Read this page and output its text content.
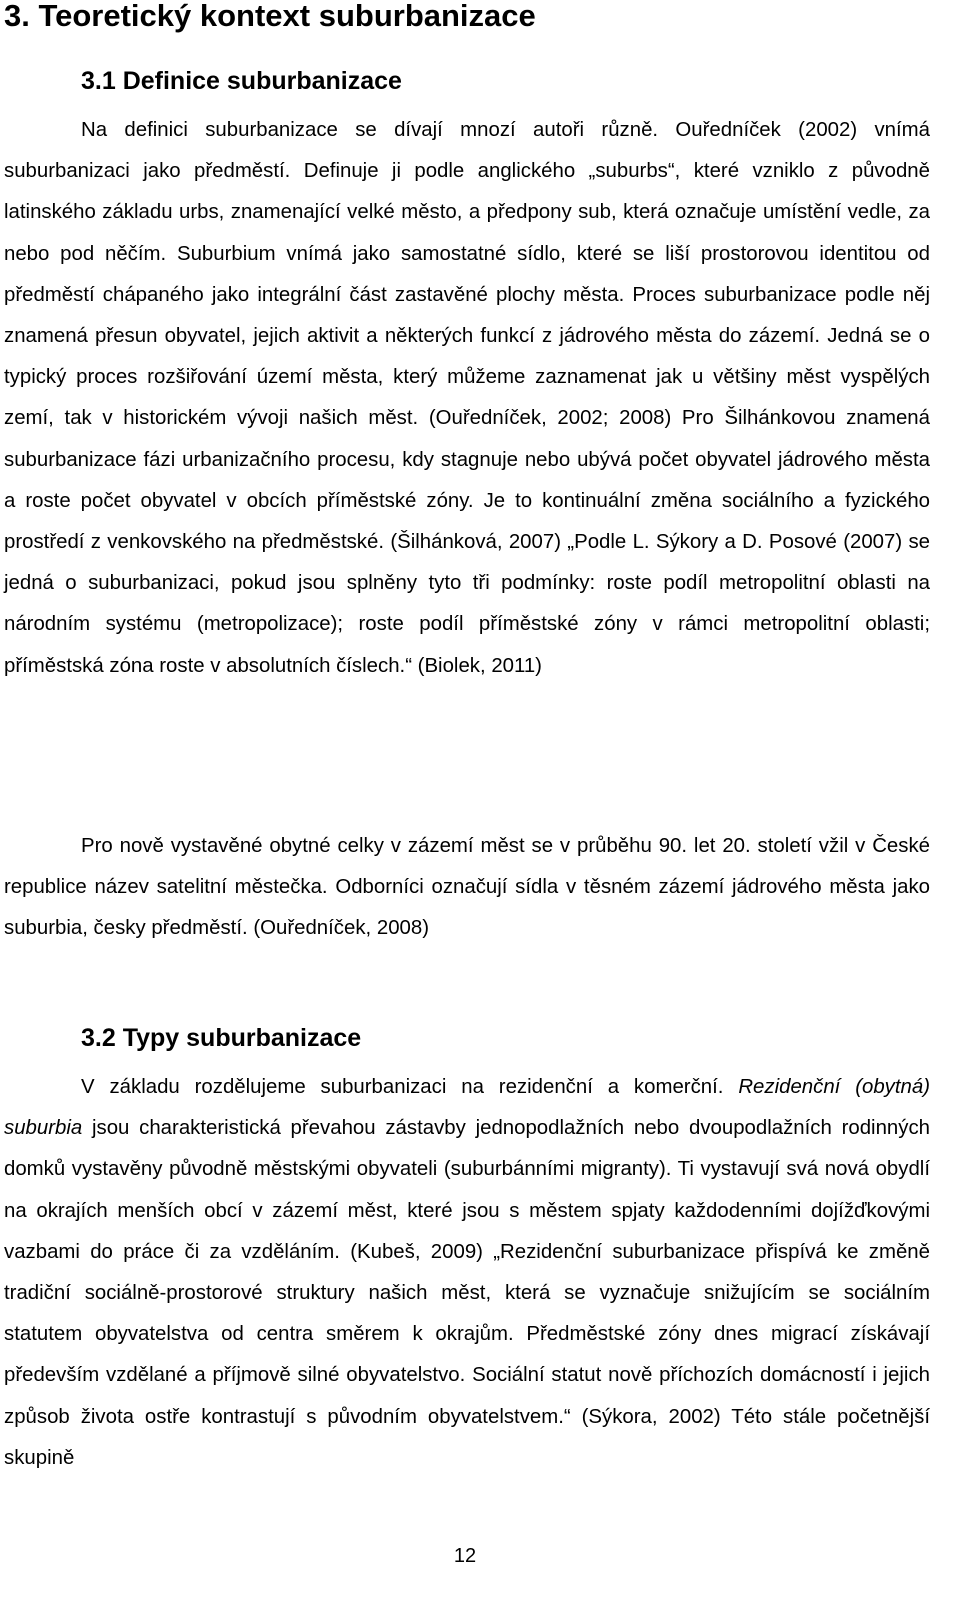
3. Teoretický kontext suburbanizace
3.1 Definice suburbanizace

Na definici suburbanizace se dívají mnozí autoři různě. Ouředníček (2002) vnímá suburbanizaci jako předměstí. Definuje ji podle anglického „suburbs“, které vzniklo z původně latinského základu urbs, znamenající velké město, a předpony sub, která označuje umístění vedle, za nebo pod něčím. Suburbium vnímá jako samostatné sídlo, které se liší prostorovou identitou od předměstí chápaného jako integrální část zastavěné plochy města. Proces suburbanizace podle něj znamená přesun obyvatel, jejich aktivit a některých funkcí z jádrového města do zázemí. Jedná se o typický proces rozšiřování území města, který můžeme zaznamenat jak u většiny měst vyspělých zemí, tak v historickém vývoji našich měst. (Ouředníček, 2002; 2008) Pro Šilhánkovou znamená suburbanizace fázi urbanizačního procesu, kdy stagnuje nebo ubývá počet obyvatel jádrového města a roste počet obyvatel v obcích příměstské zóny. Je to kontinuální změna sociálního a fyzického prostředí z venkovského na předměstské. (Šilhánková, 2007) „Podle L. Sýkory a D. Posové (2007) se jedná o suburbanizaci, pokud jsou splněny tyto tři podmínky: roste podíl metropolitní oblasti na národním systému (metropolizace); roste podíl příměstské zóny v rámci metropolitní oblasti; příměstská zóna roste v absolutních číslech.“ (Biolek, 2011)

Pro nově vystavěné obytné celky v zázemí měst se v průběhu 90. let 20. století vžil v České republice název satelitní městečka. Odborníci označují sídla v těsném zázemí jádrového města jako suburbia, česky předměstí. (Ouředníček, 2008)

3.2 Typy suburbanizace

V základu rozdělujeme suburbanizaci na rezidenční a komerční. Rezidenční (obytná) suburbia jsou charakteristická převahou zástavby jednopodlažních nebo dvoupodlažních rodinných domků vystavěny původně městskými obyvateli (suburbánními migranty). Ti vystavují svá nová obydlí na okrajích menších obcí v zázemí měst, které jsou s městem spjaty každodenními dojížďkovými vazbami do práce či za vzděláním. (Kubeš, 2009) „Rezidenční suburbanizace přispívá ke změně tradiční sociálně-prostorové struktury našich měst, která se vyznačuje snižujícím se sociálním statutem obyvatelstva od centra směrem k okrajům. Předměstské zóny dnes migrací získávají především vzdělané a příjmově silné obyvatelstvo. Sociální statut nově příchozích domácností i jejich způsob života ostře kontrastují s původním obyvatelstvem.“ (Sýkora, 2002) Této stále početnější skupině

12
